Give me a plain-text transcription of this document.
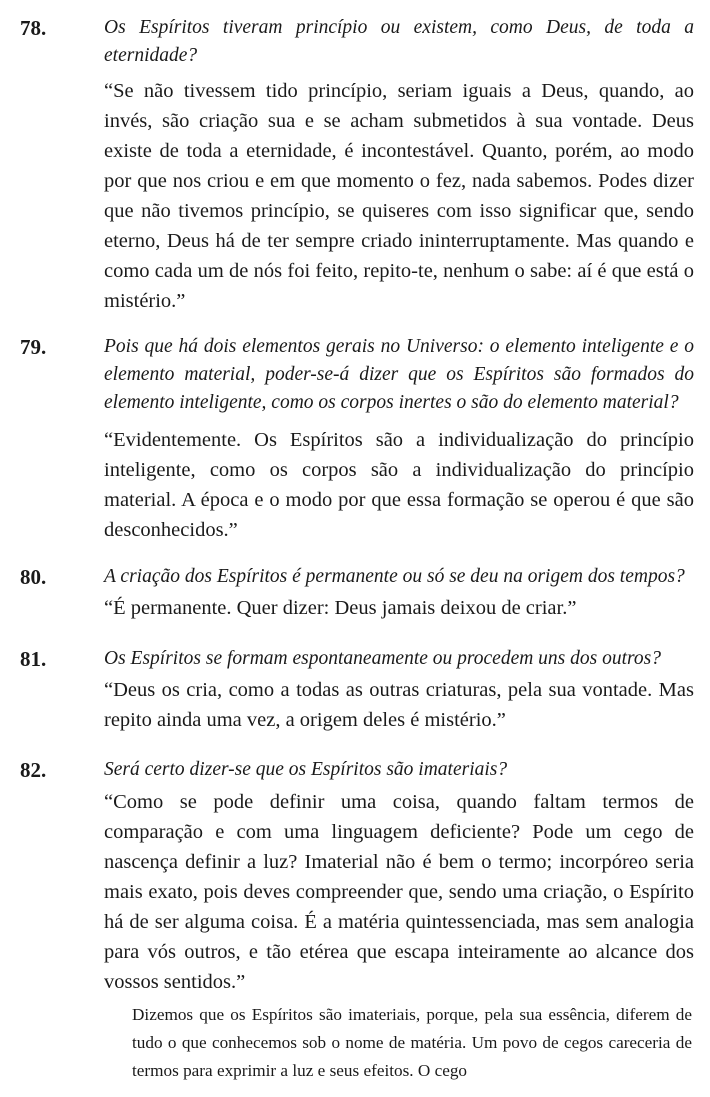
78.	Os Espíritos tiveram princípio ou existem, como Deus, de toda a eternidade?
“Se não tivessem tido princípio, seriam iguais a Deus, quando, ao invés, são criação sua e se acham submetidos à sua vontade. Deus existe de toda a eternidade, é incontestável. Quanto, porém, ao modo por que nos criou e em que momento o fez, nada sabemos. Podes dizer que não tivemos princípio, se quiseres com isso significar que, sendo eterno, Deus há de ter sempre criado ininterruptamente. Mas quando e como cada um de nós foi feito, repito-te, nenhum o sabe: aí é que está o mistério.”
79.	Pois que há dois elementos gerais no Universo: o elemento inteligente e o elemento material, poder-se-á dizer que os Espíritos são formados do elemento inteligente, como os corpos inertes o são do elemento material?
“Evidentemente. Os Espíritos são a individualização do princípio inteligente, como os corpos são a individualização do princípio material. A época e o modo por que essa formação se operou é que são desconhecidos.”
80.	A criação dos Espíritos é permanente ou só se deu na origem dos tempos?
“É permanente. Quer dizer: Deus jamais deixou de criar.”
81.	Os Espíritos se formam espontaneamente ou procedem uns dos outros?
“Deus os cria, como a todas as outras criaturas, pela sua vontade. Mas repito ainda uma vez, a origem deles é mistério.”
82.	Será certo dizer-se que os Espíritos são imateriais?
“Como se pode definir uma coisa, quando faltam termos de comparação e com uma linguagem deficiente? Pode um cego de nascença definir a luz? Imaterial não é bem o termo; incorpóreo seria mais exato, pois deves compreender que, sendo uma criação, o Espírito há de ser alguma coisa. É a matéria quintessenciada, mas sem analogia para vós outros, e tão etérea que escapa inteiramente ao alcance dos vossos sentidos.”
Dizemos que os Espíritos são imateriais, porque, pela sua essência, diferem de tudo o que conhecemos sob o nome de matéria. Um povo de cegos careceria de termos para exprimir a luz e seus efeitos. O cego
